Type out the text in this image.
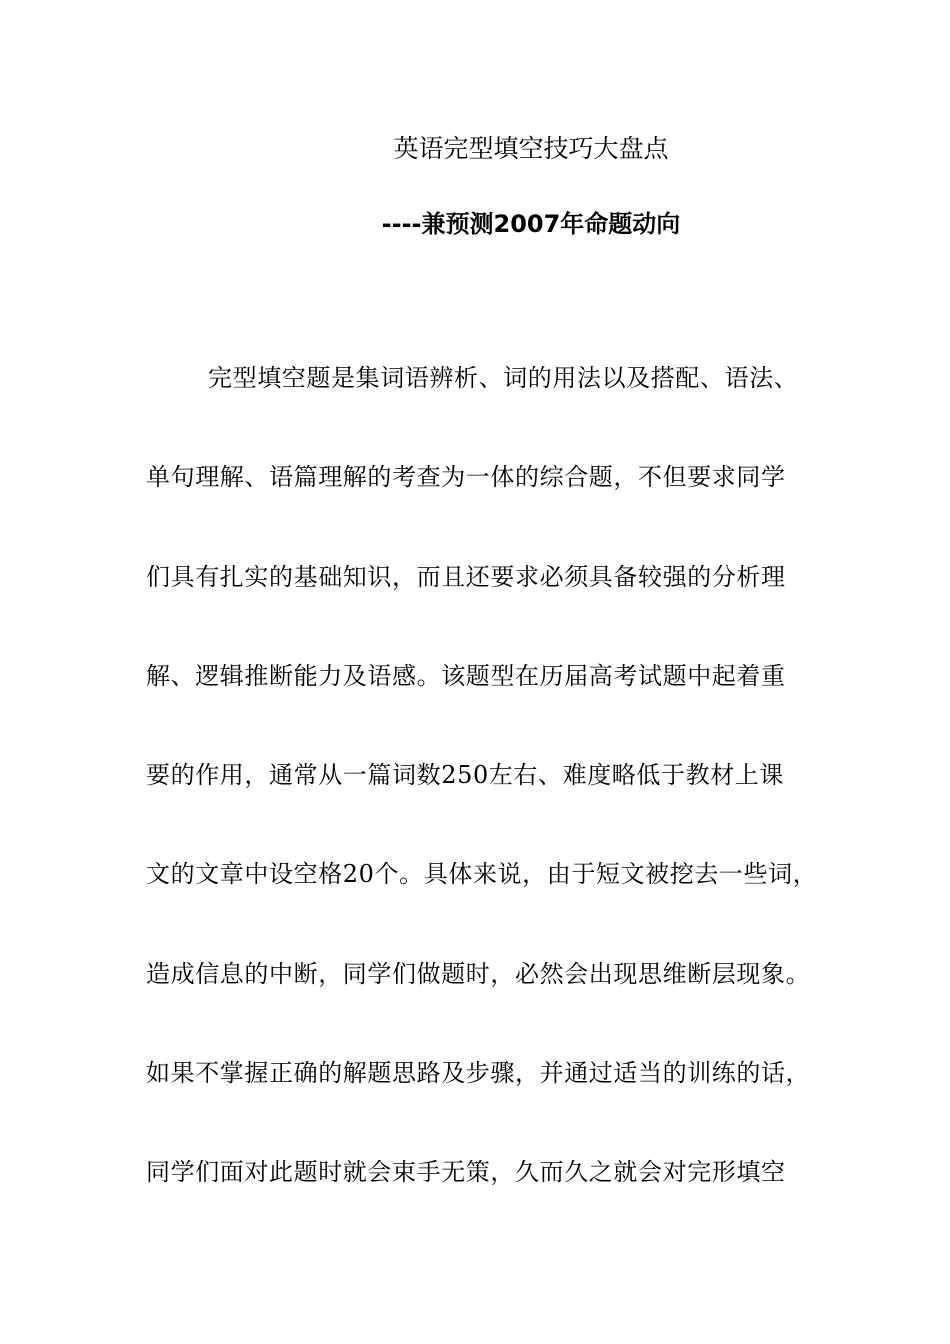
英语完型填空技巧大盘点
----兼预测2007年命题动向
完型填空题是集词语辨析、词的用法以及搭配、语法、
单句理解、语篇理解的考查为一体的综合题，不但要求同学
们具有扎实的基础知识，而且还要求必须具备较强的分析理
解、逻辑推断能力及语感。该题型在历届高考试题中起着重
要的作用，通常从一篇词数250左右、难度略低于教材上课
文的文章中设空格20个。具体来说，由于短文被挖去一些词，
造成信息的中断，同学们做题时，必然会出现思维断层现象。
如果不掌握正确的解题思路及步骤，并通过适当的训练的话，
同学们面对此题时就会束手无策，久而久之就会对完形填空
